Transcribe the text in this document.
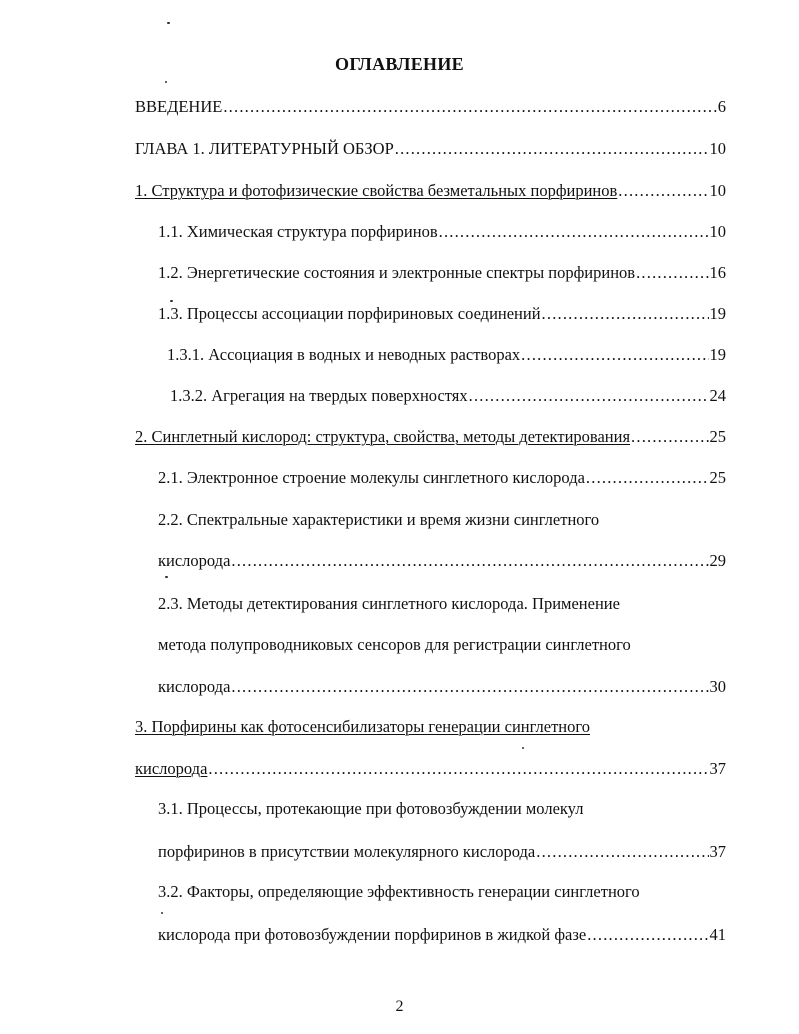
ОГЛАВЛЕНИЕ
ВВЕДЕНИЕ .....	6
ГЛАВА 1. ЛИТЕРАТУРНЫЙ ОБЗОР .....	10
1. Структура и фотофизические свойства безметальных порфиринов .....	10
1.1. Химическая структура порфиринов .....	10
1.2. Энергетические состояния и электронные спектры порфиринов .....	16
1.3. Процессы ассоциации порфириновых соединений .....	19
1.3.1. Ассоциация в водных и неводных растворах .....	19
1.3.2. Агрегация на твердых поверхностях .....	24
2. Синглетный кислород: структура, свойства, методы детектирования .....	25
2.1. Электронное строение молекулы синглетного кислорода .....	25
2.2. Спектральные характеристики и время жизни синглетного
кислорода .....	29
2.3. Методы детектирования синглетного кислорода. Применение
метода полупроводниковых сенсоров для регистрации синглетного
кислорода .....	30
3. Порфирины как фотосенсибилизаторы генерации синглетного
кислорода .....	37
3.1. Процессы, протекающие при фотовозбуждении молекул
порфиринов в присутствии молекулярного кислорода .....	37
3.2. Факторы, определяющие эффективность генерации синглетного
кислорода при фотовозбуждении порфиринов в жидкой фазе .....	41
2
